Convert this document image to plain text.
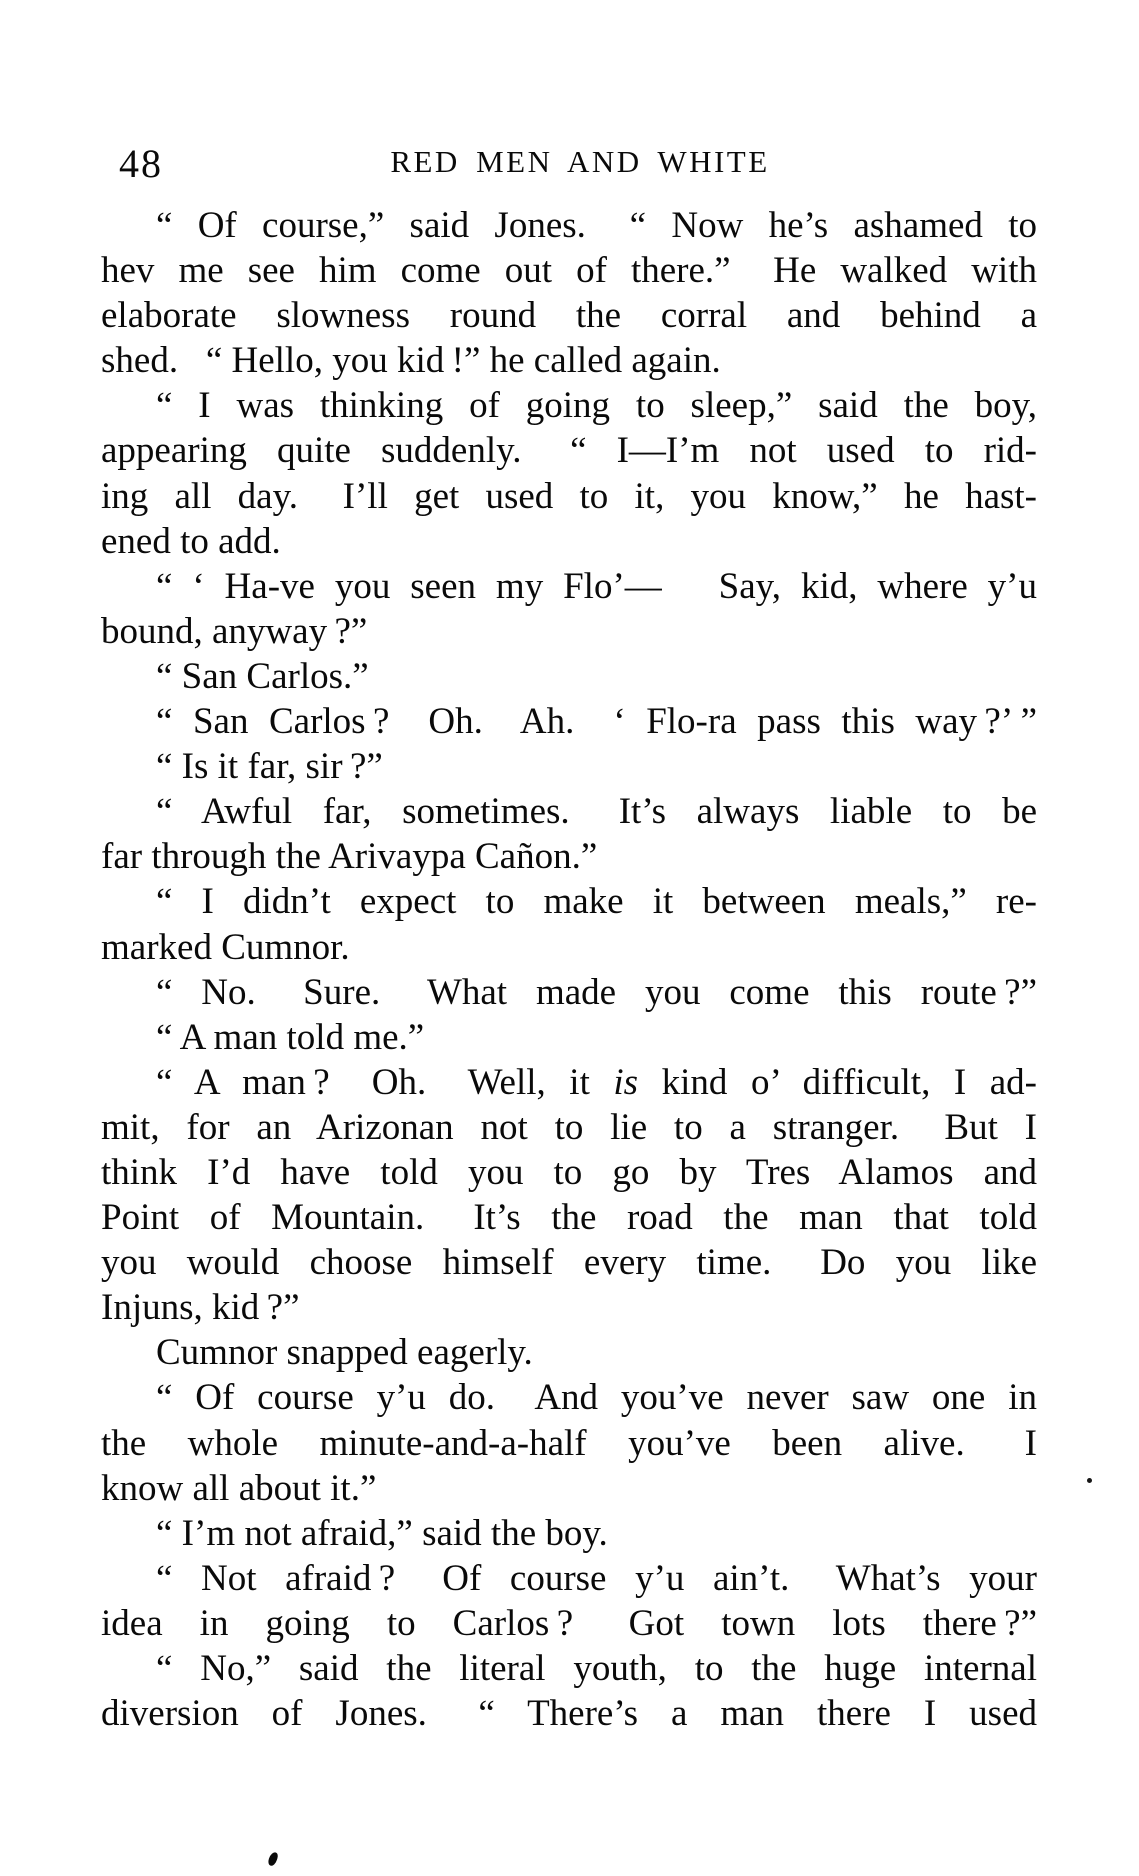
48	RED MEN AND WHITE
“ Of course,” said Jones.  “ Now he’s ashamed to
hev me see him come out of there.”  He walked with
elaborate slowness round the corral and behind a
shed.  “ Hello, you kid !” he called again.
“ I was thinking of going to sleep,” said the boy,
appearing quite suddenly.  “ I—I’m not used to rid-
ing all day.  I’ll get used to it, you know,” he hast-
ened to add.
“ ‘ Ha-ve you seen my Flo’—  Say, kid, where y’u
bound, anyway ?”
“ San Carlos.”
“ San Carlos ?  Oh.  Ah.  ‘ Flo-ra pass this way ?’ ”
“ Is it far, sir ?”
“ Awful far, sometimes.  It’s always liable to be
far through the Arivaypa Cañon.”
“ I didn’t expect to make it between meals,” re-
marked Cumnor.
“ No.  Sure.  What made you come this route ?”
“ A man told me.”
“ A man ?  Oh.  Well, it is kind o’ difficult, I ad-
mit, for an Arizonan not to lie to a stranger.  But I
think I’d have told you to go by Tres Alamos and
Point of Mountain.  It’s the road the man that told
you would choose himself every time.  Do you like
Injuns, kid ?”
Cumnor snapped eagerly.
“ Of course y’u do.  And you’ve never saw one in
the whole minute-and-a-half you’ve been alive.  I
know all about it.”
“ I’m not afraid,” said the boy.
“ Not afraid ?  Of course y’u ain’t.  What’s your
idea in going to Carlos ?  Got town lots there ?”
“ No,” said the literal youth, to the huge internal
diversion of Jones.  “ There’s a man there I used
